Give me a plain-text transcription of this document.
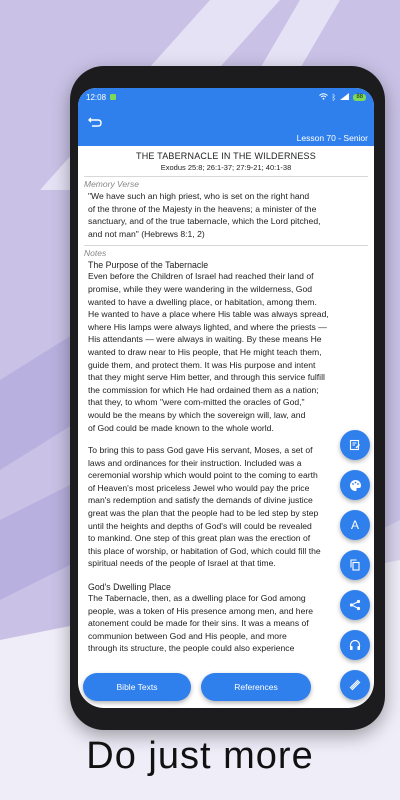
12:08	ᛒ	88
Lesson 70 - Senior
THE TABERNACLE IN THE WILDERNESS
Exodus 25:8; 26:1-37; 27:9-21; 40:1-38
Memory Verse
"We have such an high priest, who is set on the right hand
of the throne of the Majesty in the heavens; a minister of the
sanctuary, and of the true tabernacle, which the Lord pitched,
and not man" (Hebrews 8:1, 2)
Notes
The Purpose of the Tabernacle
Even before the Children of Israel had reached their land of
promise, while they were wandering in the wilderness, God
wanted to have a dwelling place, or habitation, among them.
He wanted to have a place where His table was always spread,
where His lamps were always lighted, and where the priests —
His attendants — were always in waiting. By these means He
wanted to draw near to His people, that He might teach them,
guide them, and protect them. It was His purpose and intent
that they might serve Him better, and through this service fulfill
the commission for which He had ordained them as a nation;
that they, to whom "were com-mitted the oracles of God,"
would be the means by which the sovereign will, law, and
of God could be made known to the whole world.
To bring this to pass God gave His servant, Moses, a set of
laws and ordinances for their instruction. Included was a
ceremonial worship which would point to the coming to earth
of Heaven's most priceless Jewel who would pay the price
man's redemption and satisfy the demands of divine justice
great was the plan that the people had to be led step by step
until the heights and depths of God's will could be revealed
to mankind. One step of this great plan was the erection of
this place of worship, or habitation of God, which could fill the
spiritual needs of the people of Israel at that time.
God's Dwelling Place
The Tabernacle, then, as a dwelling place for God among
people, was a token of His presence among men, and here
atonement could be made for their sins. It was a means of
communion between God and His people, and more
through its structure, the people could also experience
A
Bible Texts	References
Do just more
